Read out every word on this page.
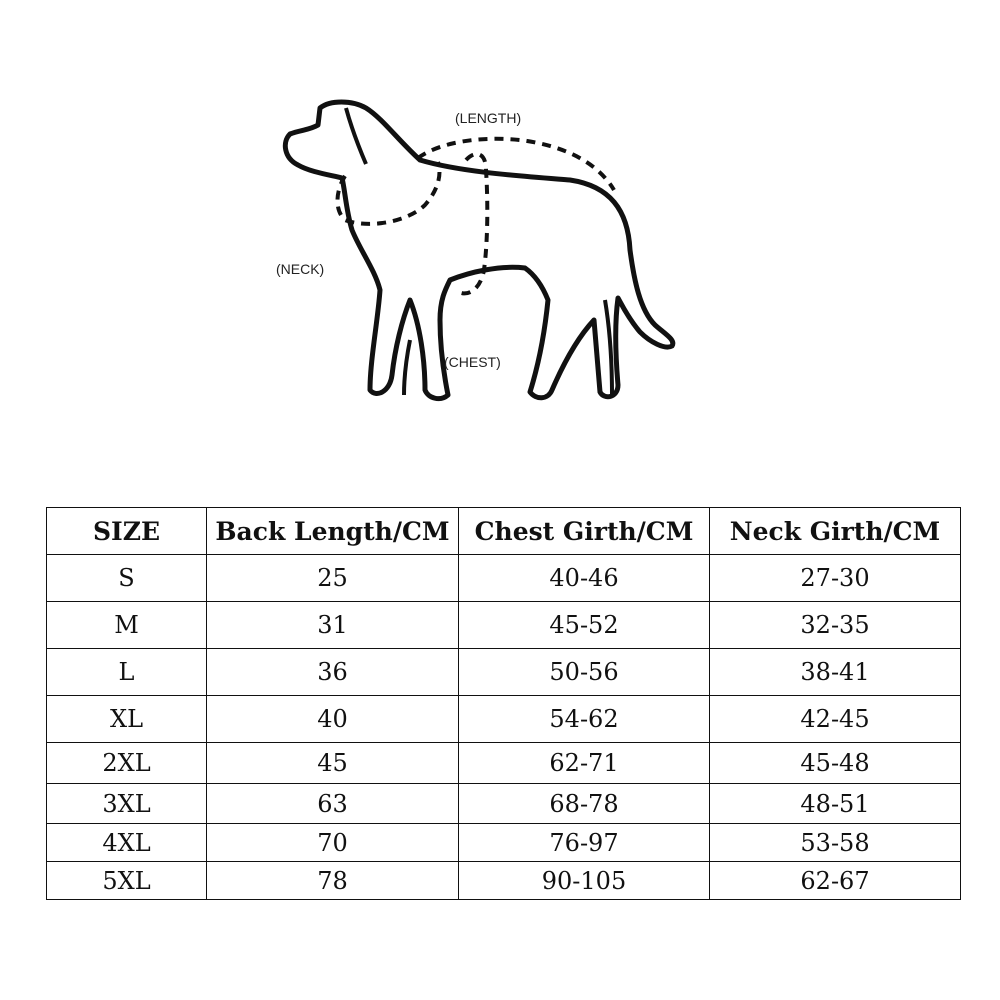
(LENGTH)
(NECK)
(CHEST)
SIZE	Back Length/CM	Chest Girth/CM	Neck Girth/CM
S	25	40-46	27-30
M	31	45-52	32-35
L	36	50-56	38-41
XL	40	54-62	42-45
2XL	45	62-71	45-48
3XL	63	68-78	48-51
4XL	70	76-97	53-58
5XL	78	90-105	62-67
